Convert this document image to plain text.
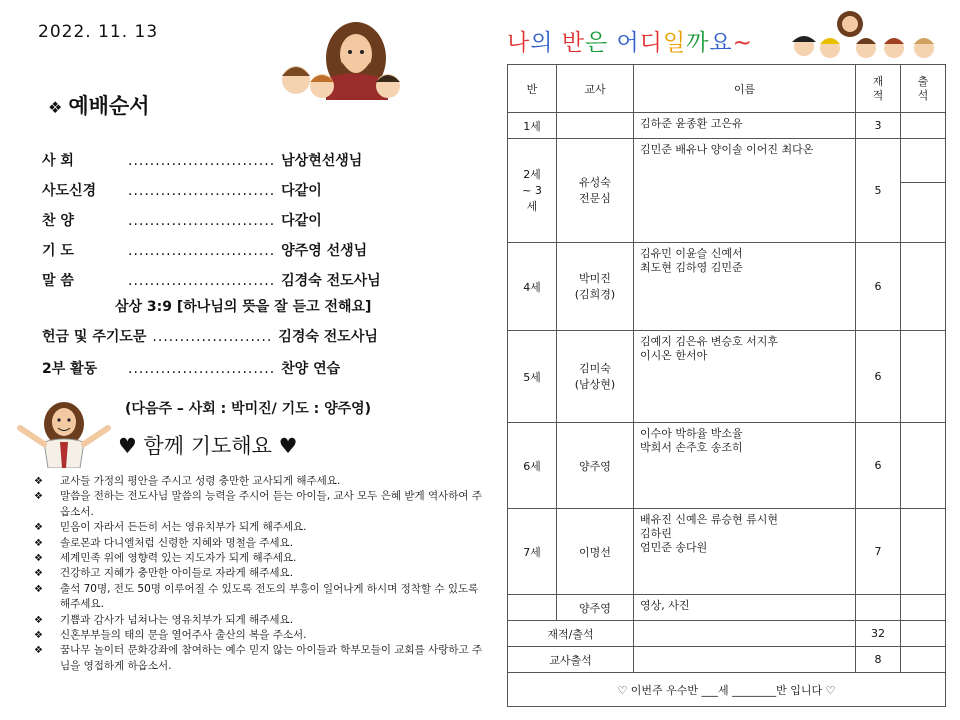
2022. 11. 13
❖ 예배순서
사 회	........................... 남상현선생님
사도신경 ........................... 다같이
찬 양	........................... 다같이
기 도	........................... 양주영 선생님
말 씀	........................... 김경숙 전도사님
삼상 3:9 [하나님의 뜻을 잘 듣고 전해요]
헌금 및 주기도문 ...................... 김경숙 전도사님
2부 활동 ........................... 찬양 연습
(다음주 – 사회 : 박미진/ 기도 : 양주영)
♥ 함께 기도해요 ♥
❖	교사들 가정의 평안을 주시고 성령 충만한 교사되게 해주세요.
❖	말씀을 전하는 전도사님 말씀의 능력을 주시어 듣는 아이들, 교사 모두 은혜 받게 역사하여 주옵소서.
❖	믿음이 자라서 든든히 서는 영유치부가 되게 해주세요.
❖	솔로몬과 다니엘처럼 신령한 지혜와 명철을 주세요.
❖	세계민족 위에 영향력 있는 지도자가 되게 해주세요.
❖	건강하고 지혜가 충만한 아이들로 자라게 해주세요.
❖	출석 70명, 전도 50명 이루어질 수 있도록 전도의 부흥이 일어나게 하시며 정착할 수 있도록 해주세요.
❖	기쁨과 감사가 넘쳐나는 영유치부가 되게 해주세요.
❖	신혼부부들의 태의 문을 열어주사 출산의 복을 주소서.
❖	꿈나무 놀이터 문화강좌에 참여하는 예수 믿지 않는 아이들과 학부모들이 교회를 사랑하고 주님을 영접하게 하옵소서.
나의 반은 어디일까요~
반	교사	이름	재적	출석
1세		김하준 윤종환 고은유	3	
2세 ~ 3세	유성숙 전문심	김민준 배유나 양이솔 이어진 최다온	5	

4세	박미진 (김희경)	김유민 이윤슬 신예서
최도현 김하영 김민준	6	
5세	김미숙 (남상현)	김예지 김은유 변승호 서지후
이시온 한서아	6	
6세	양주영	이수아 박하율 박소율
박희서 손주호 송조히	6	
7세	이명선	배유진 신예은 류승현 류시현
김하린
엄민준 송다원	7	
	양주영	영상, 사진		
재적/출석			32	
교사출석			8	
♡ 이번주 우수반 ___세 ________반 입니다 ♡				
